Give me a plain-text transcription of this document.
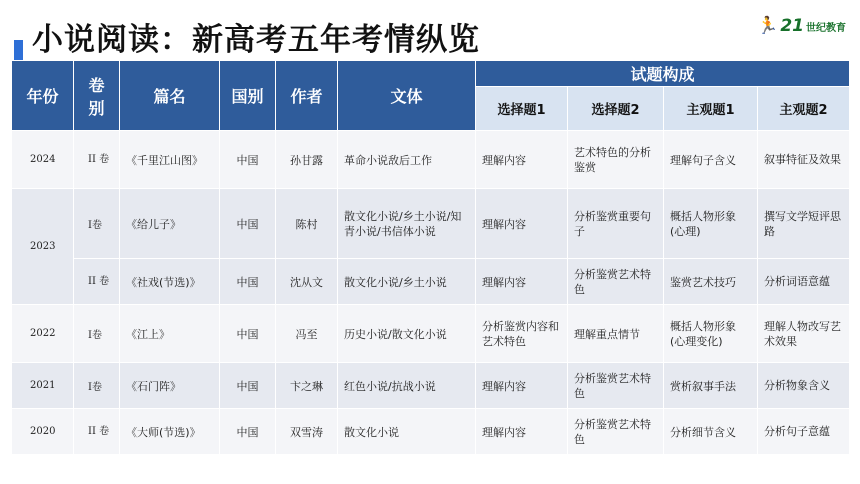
小说阅读：新高考五年考情纵览	🏃 21 世纪教育
年份	卷别	篇名	国别	作者	文体	试题构成			
						选择题1	选择题2	主观题1	主观题2
2024	II 卷	《千里江山图》	中国	孙甘露	革命小说敌后工作	理解内容	艺术特色的分析鉴赏	理解句子含义	叙事特征及效果
2023	I卷	《给儿子》	中国	陈村	散文化小说/乡土小说/知青小说/书信体小说	理解内容	分析鉴赏重要句子	概括人物形象(心理)	撰写文学短评思路
	II 卷	《社戏(节选)》	中国	沈从文	散文化小说/乡土小说	理解内容	分析鉴赏艺术特色	鉴赏艺术技巧	分析词语意蕴
2022	I卷	《江上》	中国	冯至	历史小说/散文化小说	分析鉴赏内容和艺术特色	理解重点情节	概括人物形象(心理变化)	理解人物改写艺术效果
2021	I卷	《石门阵》	中国	卞之琳	红色小说/抗战小说	理解内容	分析鉴赏艺术特色	赏析叙事手法	分析物象含义
2020	II 卷	《大师(节选)》	中国	双雪涛	散文化小说	理解内容	分析鉴赏艺术特色	分析细节含义	分析句子意蕴
